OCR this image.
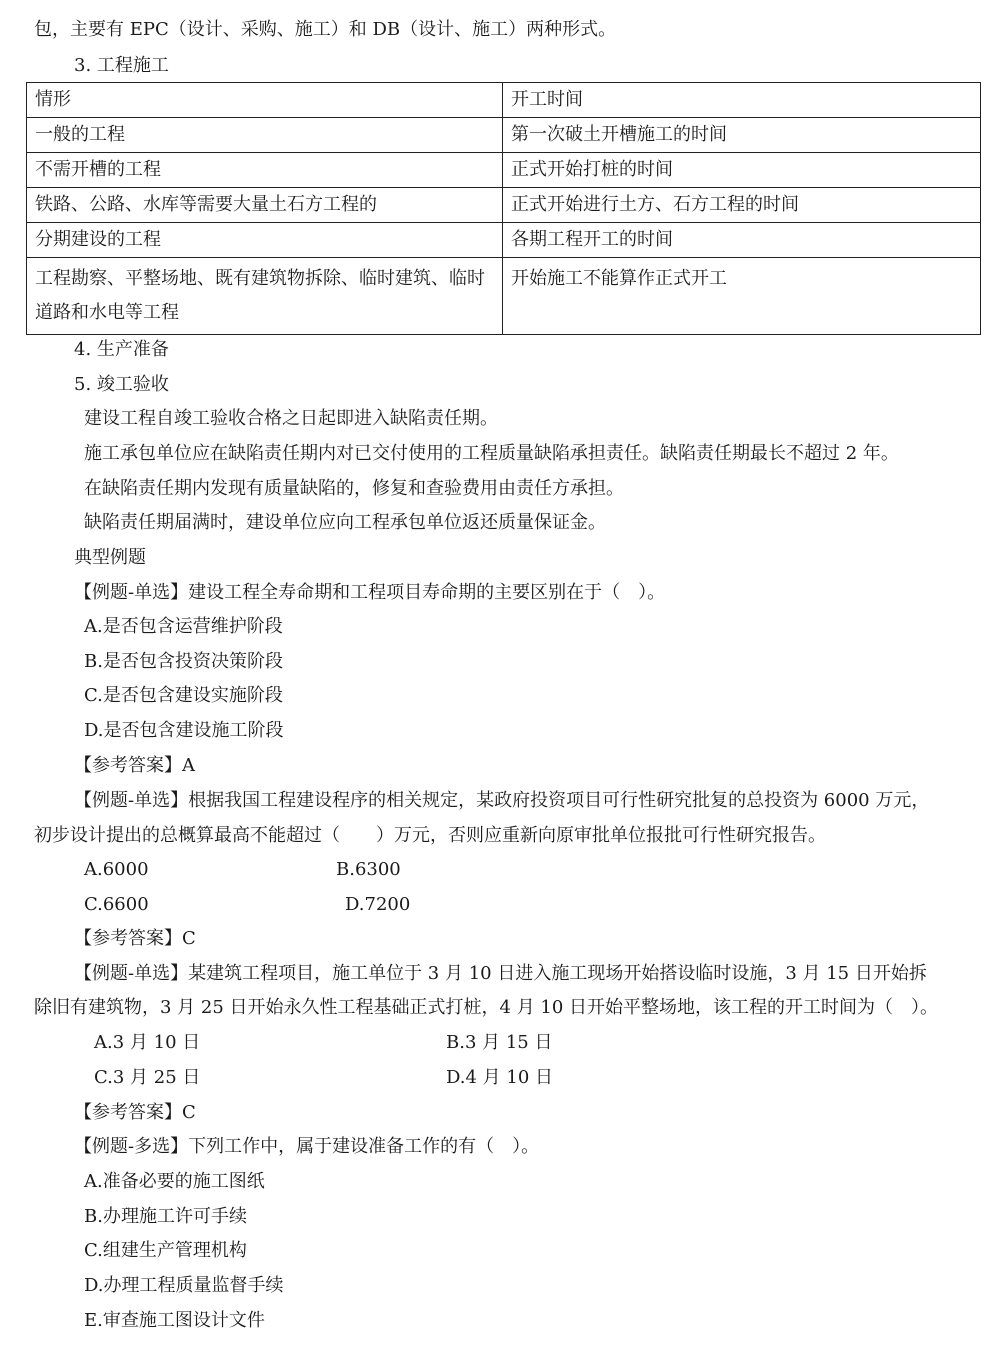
包，主要有 EPC（设计、采购、施工）和 DB（设计、施工）两种形式。
3. 工程施工
情形	开工时间
一般的工程	第一次破土开槽施工的时间
不需开槽的工程	正式开始打桩的时间
铁路、公路、水库等需要大量土石方工程的	正式开始进行土方、石方工程的时间
分期建设的工程	各期工程开工的时间
工程勘察、平整场地、既有建筑物拆除、临时建筑、临时道路和水电等工程	开始施工不能算作正式开工
4. 生产准备
5. 竣工验收
建设工程自竣工验收合格之日起即进入缺陷责任期。
施工承包单位应在缺陷责任期内对已交付使用的工程质量缺陷承担责任。缺陷责任期最长不超过 2 年。
在缺陷责任期内发现有质量缺陷的，修复和查验费用由责任方承担。
缺陷责任期届满时，建设单位应向工程承包单位返还质量保证金。
典型例题
【例题-单选】建设工程全寿命期和工程项目寿命期的主要区别在于（　）。
A.是否包含运营维护阶段
B.是否包含投资决策阶段
C.是否包含建设实施阶段
D.是否包含建设施工阶段
【参考答案】A
【例题-单选】根据我国工程建设程序的相关规定，某政府投资项目可行性研究批复的总投资为 6000 万元，
初步设计提出的总概算最高不能超过（　　）万元，否则应重新向原审批单位报批可行性研究报告。
A.6000	B.6300
C.6600	D.7200
【参考答案】C
【例题-单选】某建筑工程项目，施工单位于 3 月 10 日进入施工现场开始搭设临时设施，3 月 15 日开始拆
除旧有建筑物，3 月 25 日开始永久性工程基础正式打桩，4 月 10 日开始平整场地，该工程的开工时间为（　）。
A.3 月 10 日	B.3 月 15 日
C.3 月 25 日	D.4 月 10 日
【参考答案】C
【例题-多选】下列工作中，属于建设准备工作的有（　）。
A.准备必要的施工图纸
B.办理施工许可手续
C.组建生产管理机构
D.办理工程质量监督手续
E.审查施工图设计文件
